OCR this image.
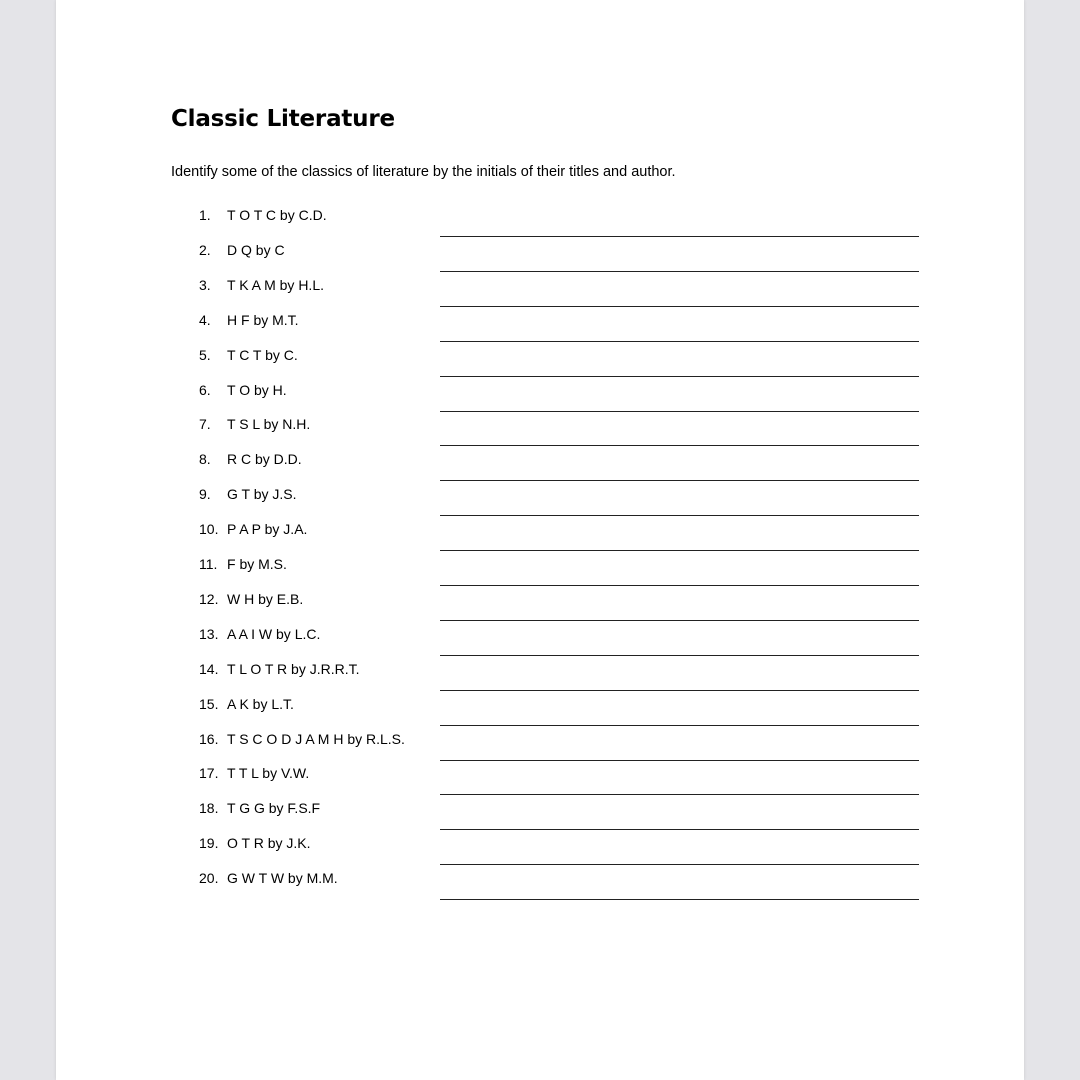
Classic Literature

Identify some of the classics of literature by the initials of their titles and author.

1. T O T C by C.D.
2. D Q by C
3. T K A M by H.L.
4. H F by M.T.
5. T C T by C.
6. T O by H.
7. T S L by N.H.
8. R C by D.D.
9. G T by J.S.
10. P A P by J.A.
11. F by M.S.
12. W H by E.B.
13. A A I W by L.C.
14. T L O T R by J.R.R.T.
15. A K by L.T.
16. T S C O D J A M H by R.L.S.
17. T T L by V.W.
18. T G G by F.S.F
19. O T R by J.K.
20. G W T W by M.M.
